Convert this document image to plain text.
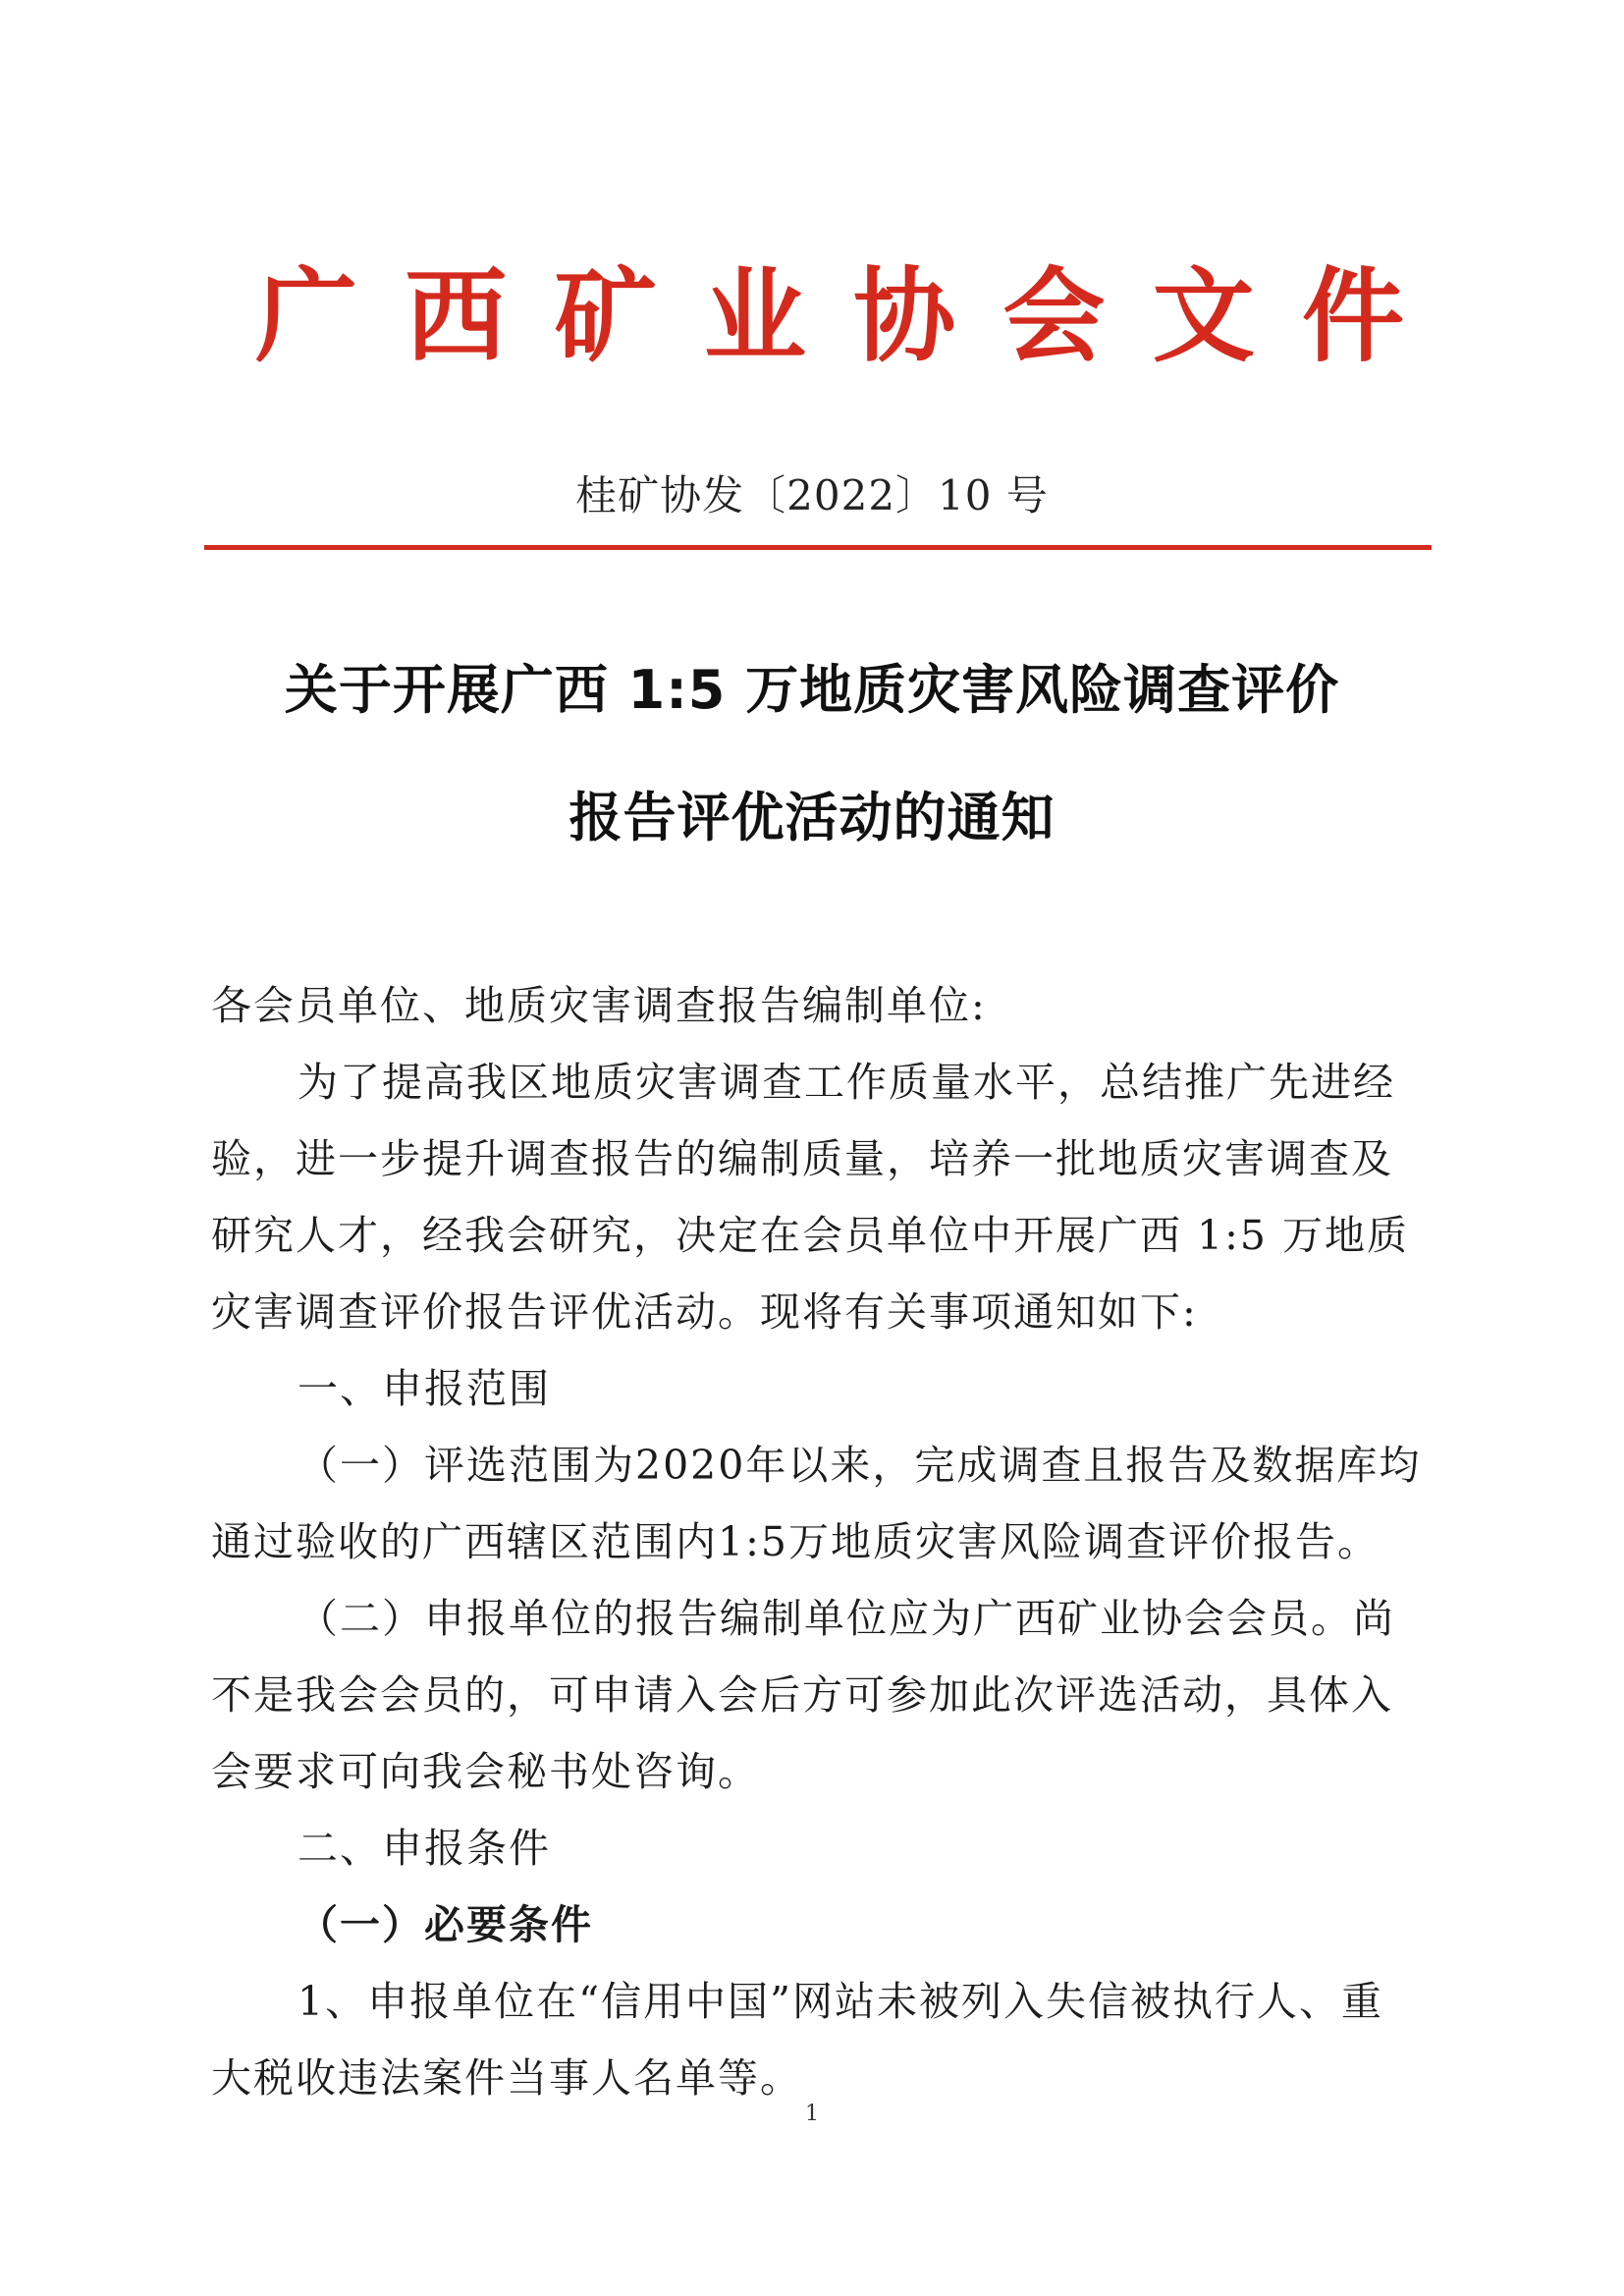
广 西 矿 业 协 会 文 件
桂矿协发〔2022〕10 号
关于开展广西 1:5 万地质灾害风险调查评价
报告评优活动的通知
各会员单位、地质灾害调查报告编制单位:
为了提高我区地质灾害调查工作质量水平，总结推广先进经
验，进一步提升调查报告的编制质量，培养一批地质灾害调查及
研究人才，经我会研究，决定在会员单位中开展广西 1:5 万地质
灾害调查评价报告评优活动。现将有关事项通知如下:
一、申报范围
（一）评选范围为2020年以来，完成调查且报告及数据库均
通过验收的广西辖区范围内1:5万地质灾害风险调查评价报告。
（二）申报单位的报告编制单位应为广西矿业协会会员。尚
不是我会会员的，可申请入会后方可参加此次评选活动，具体入
会要求可向我会秘书处咨询。
二、申报条件
（一）必要条件
1、申报单位在“信用中国”网站未被列入失信被执行人、重
大税收违法案件当事人名单等。
1
